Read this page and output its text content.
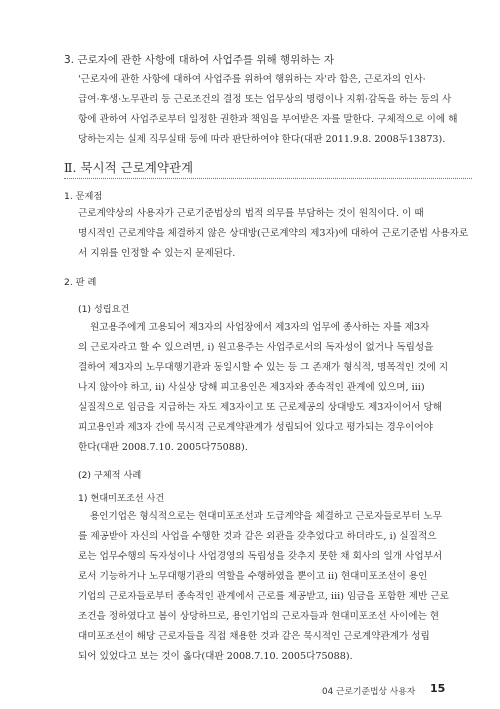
3. 근로자에 관한 사항에 대하여 사업주를 위해 행위하는 자
'근로자에 관한 사항에 대하여 사업주를 위하여 행위하는 자'라 함은, 근로자의 인사·
급여·후생·노무관리 등 근로조건의 결정 또는 업무상의 명령이나 지휘·감독을 하는 등의 사
항에 관하여 사업주로부터 일정한 권한과 책임을 부여받은 자를 말한다. 구체적으로 이에 해
당하는지는 실제 직무실태 등에 따라 판단하여야 한다(대판 2011.9.8. 2008두13873).
Ⅱ. 묵시적 근로계약관계
1. 문제점
근로계약상의 사용자가 근로기준법상의 법적 의무를 부담하는 것이 원칙이다. 이 때
명시적인 근로계약을 체결하지 않은 상대방(근로계약의 제3자)에 대하여 근로기준법 사용자로
서 지위를 인정할 수 있는지 문제된다.
2. 판 례
(1) 성립요건
원고용주에게 고용되어 제3자의 사업장에서 제3자의 업무에 종사하는 자를 제3자
의 근로자라고 할 수 있으려면, ⅰ) 원고용주는 사업주로서의 독자성이 없거나 독립성을
결하여 제3자의 노무대행기관과 동일시할 수 있는 등 그 존재가 형식적, 명목적인 것에 지
나지 않아야 하고, ⅱ) 사실상 당해 피고용인은 제3자와 종속적인 관계에 있으며, ⅲ)
실질적으로 임금을 지급하는 자도 제3자이고 또 근로제공의 상대방도 제3자이어서 당해
피고용인과 제3자 간에 묵시적 근로계약관계가 성립되어 있다고 평가되는 경우이어야
한다(대판 2008.7.10. 2005다75088).
(2) 구체적 사례
1) 현대미포조선 사건
용인기업은 형식적으로는 현대미포조선과 도급계약을 체결하고 근로자들로부터 노무
를 제공받아 자신의 사업을 수행한 것과 같은 외관을 갖추었다고 하더라도, ⅰ) 실질적으
로는 업무수행의 독자성이나 사업경영의 독립성을 갖추지 못한 채 회사의 일개 사업부서
로서 기능하거나 노무대행기관의 역할을 수행하였을 뿐이고 ⅱ) 현대미포조선이 용인
기업의 근로자들로부터 종속적인 관계에서 근로를 제공받고, ⅲ) 임금을 포함한 제반 근로
조건을 정하였다고 봄이 상당하므로, 용인기업의 근로자들과 현대미포조선 사이에는 현
대미포조선이 해당 근로자들을 직접 채용한 것과 같은 묵시적인 근로계약관계가 성립
되어 있었다고 보는 것이 옳다(대판 2008.7.10. 2005다75088).
04 근로기준법상 사용자 15
